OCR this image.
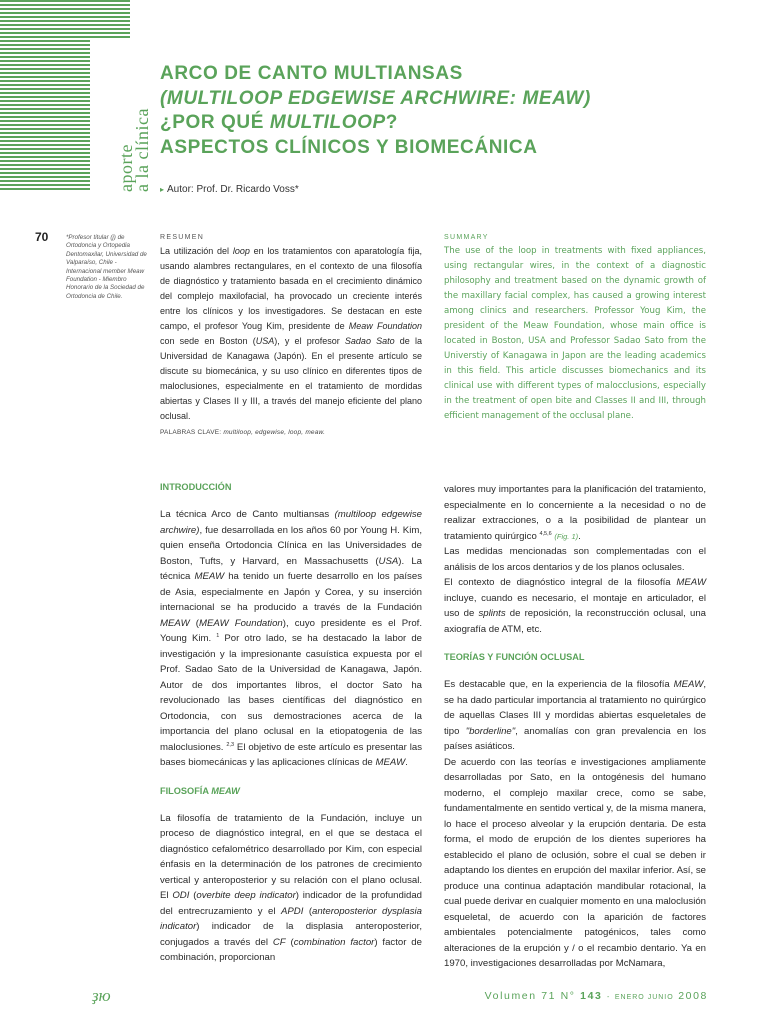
aporte
a la clínica
ARCO DE CANTO MULTIANSAS
(MULTILOOP EDGEWISE ARCHWIRE: MEAW)
¿POR QUÉ MULTILOOP?
ASPECTOS CLÍNICOS Y BIOMECÁNICA
▸ Autor: Prof. Dr. Ricardo Voss*
70	*Profesor titular (j) de Ortodoncia y Ortopedia Dentomaxilar, Universidad de Valparaíso, Chile - Internacional member Meaw Foundation - Miembro Honorario de la Sociedad de Ortodoncia de Chile.
RESUMEN

La utilización del loop en los tratamientos con aparatología fija, usando alambres rectangulares, en el contexto de una filosofía de diagnóstico y tratamiento basada en el crecimiento dinámico del complejo maxilofacial, ha provocado un creciente interés entre los clínicos y los investigadores. Se destacan en este campo, el profesor Youg Kim, presidente de Meaw Foundation con sede en Boston (USA), y el profesor Sadao Sato de la Universidad de Kanagawa (Japón). En el presente artículo se discute su biomecánica, y su uso clínico en diferentes tipos de maloclusiones, especialmente en el tratamiento de mordidas abiertas y Clases II y III, a través del manejo eficiente del plano oclusal.

PALABRAS CLAVE: multiloop, edgewise, loop, meaw.
SUMMARY

The use of the loop in treatments with fixed appliances, using rectangular wires, in the context of a diagnostic philosophy and treatment based on the dynamic growth of the maxillary facial complex, has caused a growing interest among clinics and researchers. Professor Youg Kim, the president of the Meaw Foundation, whose main office is located in Boston, USA and Professor Sadao Sato from the Universtiy of Kanagawa in Japon are the leading academics in this field. This article discusses biomechanics and its clinical use with different types of malocclusions, especially in the treatment of open bite and Classes II and III, through efficient management of the occlusal plane.

INTRODUCCIÓN

La técnica Arco de Canto multiansas (multiloop edgewise archwire), fue desarrollada en los años 60 por Young H. Kim, quien enseña Ortodoncia Clínica en las Universidades de Boston, Tufts, y Harvard, en Massachusetts (USA). La técnica MEAW ha tenido un fuerte desarrollo en los países de Asia, especialmente en Japón y Corea, y su inserción internacional se ha producido a través de la Fundación MEAW (MEAW Foundation), cuyo presidente es el Prof. Young Kim. $^1$ Por otro lado, se ha destacado la labor de investigación y la impresionante casuística expuesta por el Prof. Sadao Sato de la Universidad de Kanagawa, Japón. Autor de dos importantes libros, el doctor Sato ha revolucionado las bases científicas del diagnóstico en Ortodoncia, con sus demostraciones acerca de la importancia del plano oclusal en la etiopatogenia de las maloclusiones. $^{2,3}$ El objetivo de este artículo es presentar las bases biomecánicas y las aplicaciones clínicas de MEAW.

FILOSOFÍA MEAW

La filosofía de tratamiento de la Fundación, incluye un proceso de diagnóstico integral, en el que se destaca el diagnóstico cefalométrico desarrollado por Kim, con especial énfasis en la determinación de los patrones de crecimiento vertical y anteroposterior y su relación con el plano oclusal. El ODI (overbite deep indicator) indicador de la profundidad del entrecruzamiento y el APDI (anteroposterior dysplasia indicator) indicador de la displasia anteroposterior, conjugados a través del CF (combination factor) factor de combinación, proporcionan

valores muy importantes para la planificación del tratamiento, especialmente en lo concerniente a la necesidad o no de realizar extracciones, o a la posibilidad de plantear un tratamiento quirúrgico $^{4,5,6}$ (Fig. 1).

Las medidas mencionadas son complementadas con el análisis de los arcos dentarios y de los planos oclusales.

El contexto de diagnóstico integral de la filosofía MEAW incluye, cuando es necesario, el montaje en articulador, el uso de splints de reposición, la reconstrucción oclusal, una axiografía de ATM, etc.

TEORÍAS Y FUNCIÓN OCLUSAL

Es destacable que, en la experiencia de la filosofía MEAW, se ha dado particular importancia al tratamiento no quirúrgico de aquellas Clases III y mordidas abiertas esqueletales de tipo "borderline", anomalías con gran prevalencia en los países asiáticos.

De acuerdo con las teorías e investigaciones ampliamente desarrolladas por Sato, en la ontogénesis del humano moderno, el complejo maxilar crece, como se sabe, fundamentalmente en sentido vertical y, de la misma manera, lo hace el proceso alveolar y la erupción dentaria. De esta forma, el modo de erupción de los dientes superiores ha establecido el plano de oclusión, sobre el cual se deben ir adaptando los dientes en erupción del maxilar inferior. Así, se produce una continua adaptación mandibular rotacional, la cual puede derivar en cualquier momento en una maloclusión esqueletal, de acuerdo con la aparición de factores ambientales potencialmente patogénicos, tales como alteraciones de la erupción y / o el recambio dentario. Ya en 1970, investigaciones desarrolladas por McNamara,

ҙю	Volumen 71 N° 143 - ENERO JUNIO 2008
